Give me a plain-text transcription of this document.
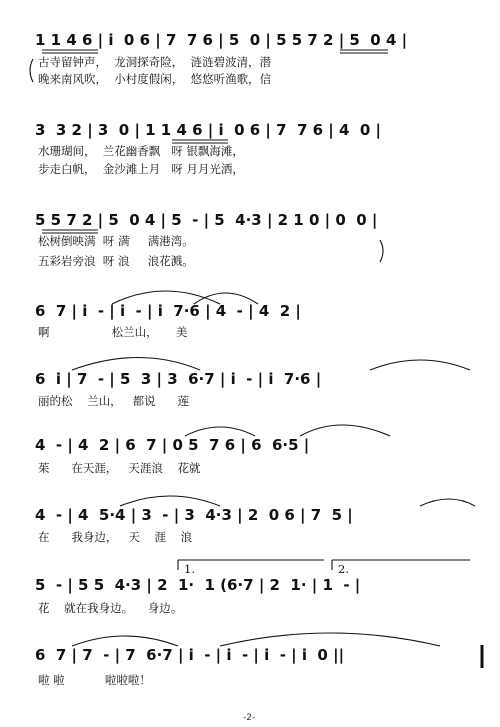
1 1 4 6 | i  0 6 | 7  7 6 | 5  0 | 5 5 7 2 | 5  0 4 |
古寺留钟声，  龙洞探奇险，  涟涟碧波清，潜
晚来南风吹，  小村度假闲，  悠悠听渔歌，信
3  3 2 | 3  0 | 1 1 4 6 | i  0 6 | 7  7 6 | 4  0 |
水珊瑚间，  兰花幽香飘   呀 银飘海滩，
步走白帆，  金沙滩上月   呀 月月光洒，
5 5 7 2 | 5  0 4 | 5  - | 5  4·3 | 2 1 0 | 0  0 |
松树倒映满  呀 满     满港湾。
五彩岩旁浪  呀 浪     浪花溅。
6  7 | i  - | i  - | i  7·6 | 4  - | 4  2 |
啊                 松兰山，     美
6  i | 7  - | 5  3 | 3  6·7 | i  - | i  7·6 |
丽的松    兰山，   都说      莲
4  - | 4  2 | 6  7 | 0 5  7 6 | 6  6·5 |
茱      在天涯，   天涯浪    花就
4  - | 4  5·4 | 3  - | 3  4·3 | 2  0 6 | 7  5 |
在      我身边，   天    涯    浪
1.	2.
5  - | 5 5  4·3 | 2  1·  1 (6·7 | 2  1· | 1  - |
花    就在我身边。    身边。
6  7 | 7  - | 7  6·7 | i  - | i  - | i  - | i  0 ||
啦 啦           啦啦啦！
-2-
